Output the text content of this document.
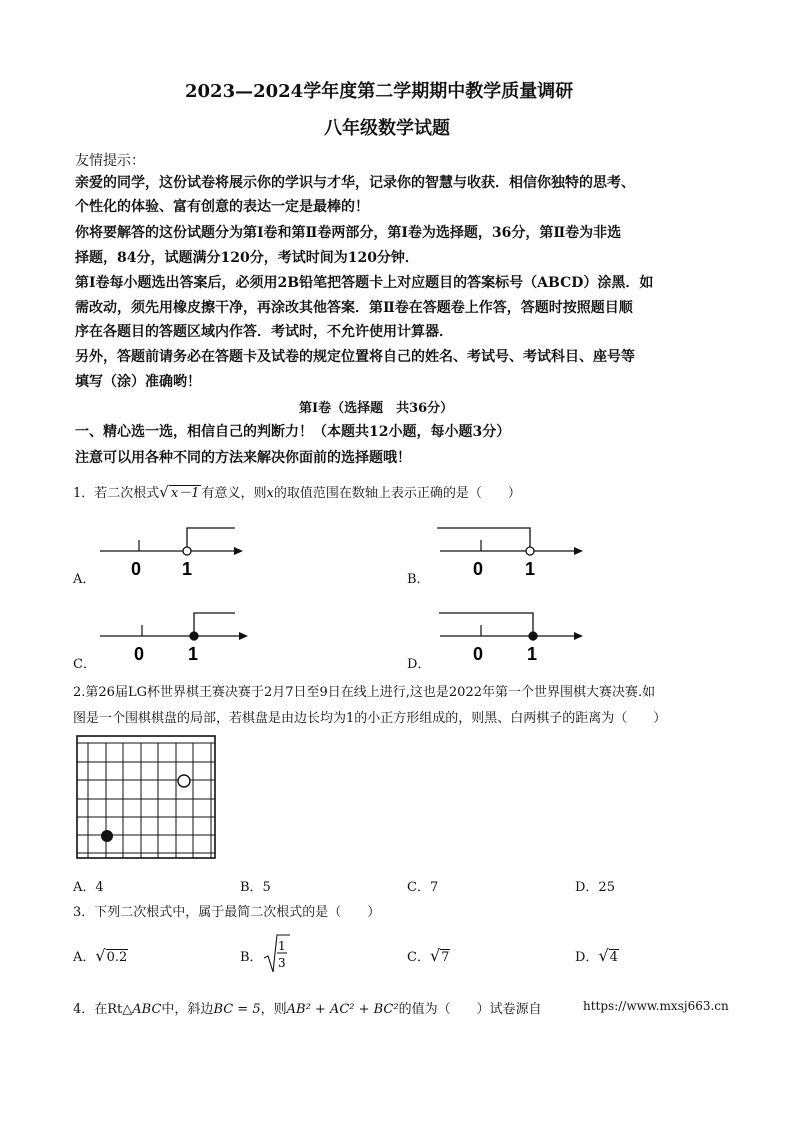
2023—2024学年度第二学期期中教学质量调研
八年级数学试题
友情提示：
亲爱的同学，这份试卷将展示你的学识与才华，记录你的智慧与收获．相信你独特的思考、
个性化的体验、富有创意的表达一定是最棒的！
你将要解答的这份试题分为第Ⅰ卷和第Ⅱ卷两部分，第Ⅰ卷为选择题，36分，第Ⅱ卷为非选
择题，84分，试题满分120分，考试时间为120分钟．
第Ⅰ卷每小题选出答案后，必须用2B铅笔把答题卡上对应题目的答案标号（ABCD）涂黑．如
需改动，须先用橡皮擦干净，再涂改其他答案．第Ⅱ卷在答题卷上作答，答题时按照题目顺
序在各题目的答题区域内作答．考试时，不允许使用计算器．
另外，答题前请务必在答题卡及试卷的规定位置将自己的姓名、考试号、考试科目、座号等
填写（涂）准确哟！
第Ⅰ卷（选择题　共36分）
一、精心选一选，相信自己的判断力！（本题共12小题，每小题3分）
注意可以用各种不同的方法来解决你面前的选择题哦！
1．若二次根式√ x－1 有意义，则x的取值范围在数轴上表示正确的是（　　）
A．	B．
C．	D．
0 1	0 1
0 1	0 1
2.第26届LG杯世界棋王赛决赛于2月7日至9日在线上进行,这也是2022年第一个世界围棋大赛决赛.如
图是一个围棋棋盘的局部，若棋盘是由边长均为1的小正方形组成的，则黑、白两棋子的距离为（　　）
A．4	B．5	C．7	D．25
3．下列二次根式中，属于最简二次根式的是（　　）
A．√0.2	B．
1
3	C．√7	D．√4
4．在Rt△ABC中，斜边BC = 5，则AB² + AC² + BC²的值为（　　）试卷源自	https://www.mxsj663.cn
